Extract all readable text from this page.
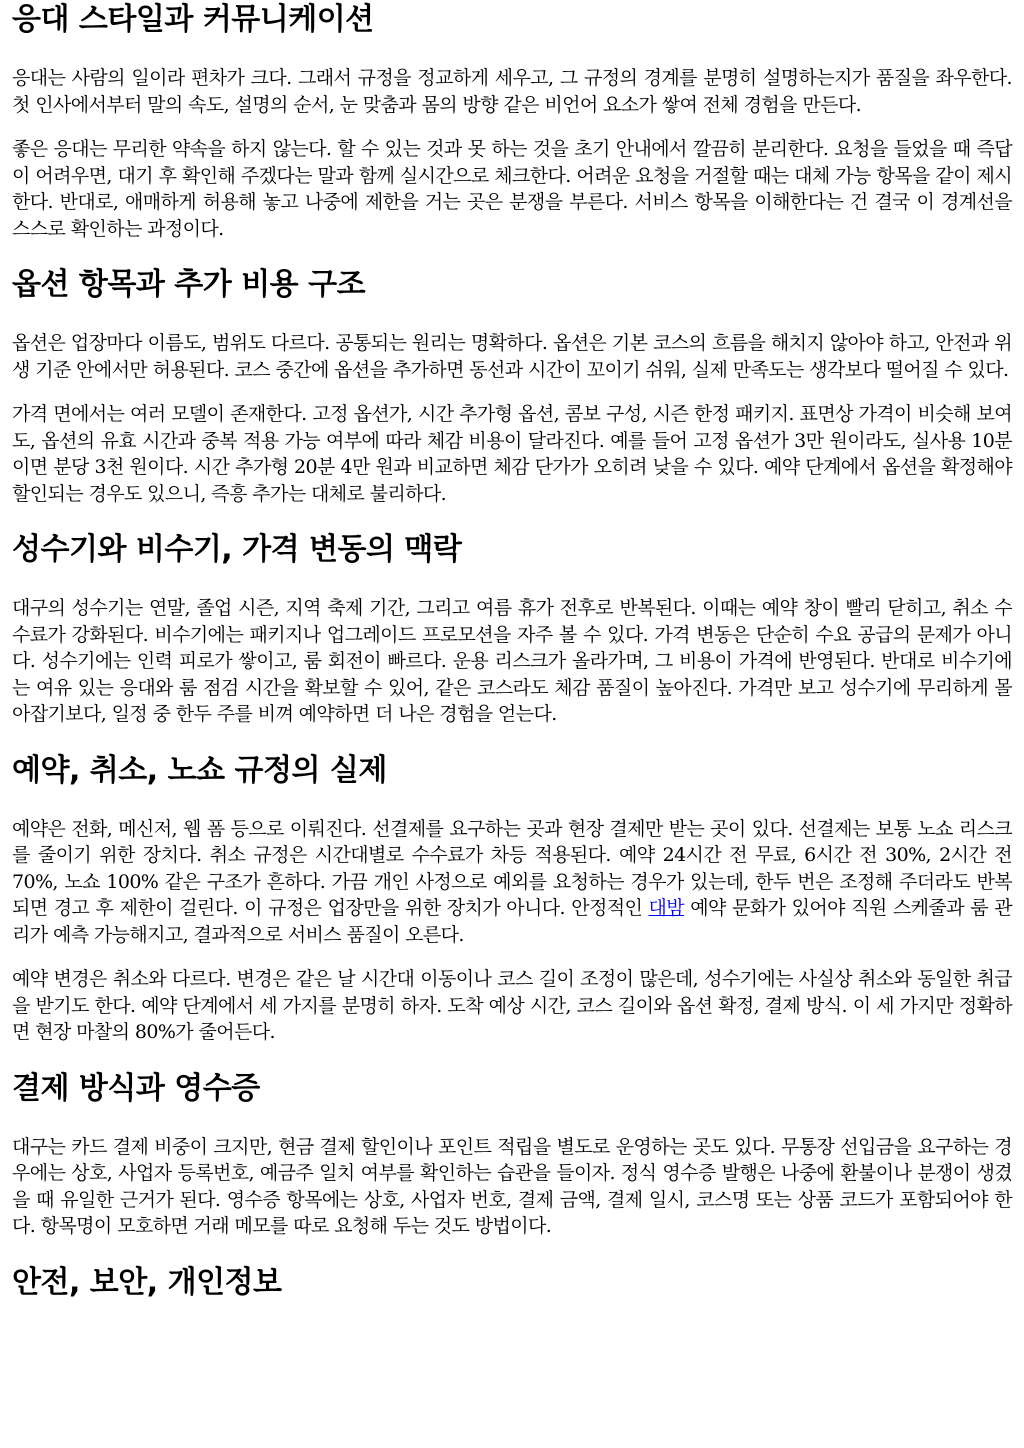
응대 스타일과 커뮤니케이션

응대는 사람의 일이라 편차가 크다. 그래서 규정을 정교하게 세우고, 그 규정의 경계를 분명히 설명하는지가 품질을 좌우한다. 첫 인사에서부터 말의 속도, 설명의 순서, 눈 맞춤과 몸의 방향 같은 비언어 요소가 쌓여 전체 경험을 만든다.

좋은 응대는 무리한 약속을 하지 않는다. 할 수 있는 것과 못 하는 것을 초기 안내에서 깔끔히 분리한다. 요청을 들었을 때 즉답이 어려우면, 대기 후 확인해 주겠다는 말과 함께 실시간으로 체크한다. 어려운 요청을 거절할 때는 대체 가능 항목을 같이 제시한다. 반대로, 애매하게 허용해 놓고 나중에 제한을 거는 곳은 분쟁을 부른다. 서비스 항목을 이해한다는 건 결국 이 경계선을 스스로 확인하는 과정이다.

옵션 항목과 추가 비용 구조

옵션은 업장마다 이름도, 범위도 다르다. 공통되는 원리는 명확하다. 옵션은 기본 코스의 흐름을 해치지 않아야 하고, 안전과 위생 기준 안에서만 허용된다. 코스 중간에 옵션을 추가하면 동선과 시간이 꼬이기 쉬워, 실제 만족도는 생각보다 떨어질 수 있다.

가격 면에서는 여러 모델이 존재한다. 고정 옵션가, 시간 추가형 옵션, 콤보 구성, 시즌 한정 패키지. 표면상 가격이 비슷해 보여도, 옵션의 유효 시간과 중복 적용 가능 여부에 따라 체감 비용이 달라진다. 예를 들어 고정 옵션가 3만 원이라도, 실사용 10분이면 분당 3천 원이다. 시간 추가형 20분 4만 원과 비교하면 체감 단가가 오히려 낮을 수 있다. 예약 단계에서 옵션을 확정해야 할인되는 경우도 있으니, 즉흥 추가는 대체로 불리하다.

성수기와 비수기, 가격 변동의 맥락

대구의 성수기는 연말, 졸업 시즌, 지역 축제 기간, 그리고 여름 휴가 전후로 반복된다. 이때는 예약 창이 빨리 닫히고, 취소 수수료가 강화된다. 비수기에는 패키지나 업그레이드 프로모션을 자주 볼 수 있다. 가격 변동은 단순히 수요 공급의 문제가 아니다. 성수기에는 인력 피로가 쌓이고, 룸 회전이 빠르다. 운용 리스크가 올라가며, 그 비용이 가격에 반영된다. 반대로 비수기에는 여유 있는 응대와 룸 점검 시간을 확보할 수 있어, 같은 코스라도 체감 품질이 높아진다. 가격만 보고 성수기에 무리하게 몰아잡기보다, 일정 중 한두 주를 비껴 예약하면 더 나은 경험을 얻는다.

예약, 취소, 노쇼 규정의 실제

예약은 전화, 메신저, 웹 폼 등으로 이뤄진다. 선결제를 요구하는 곳과 현장 결제만 받는 곳이 있다. 선결제는 보통 노쇼 리스크를 줄이기 위한 장치다. 취소 규정은 시간대별로 수수료가 차등 적용된다. 예약 24시간 전 무료, 6시간 전 30%, 2시간 전 70%, 노쇼 100% 같은 구조가 흔하다. 가끔 개인 사정으로 예외를 요청하는 경우가 있는데, 한두 번은 조정해 주더라도 반복되면 경고 후 제한이 걸린다. 이 규정은 업장만을 위한 장치가 아니다. 안정적인 대밤 예약 문화가 있어야 직원 스케줄과 룸 관리가 예측 가능해지고, 결과적으로 서비스 품질이 오른다.

예약 변경은 취소와 다르다. 변경은 같은 날 시간대 이동이나 코스 길이 조정이 많은데, 성수기에는 사실상 취소와 동일한 취급을 받기도 한다. 예약 단계에서 세 가지를 분명히 하자. 도착 예상 시간, 코스 길이와 옵션 확정, 결제 방식. 이 세 가지만 정확하면 현장 마찰의 80%가 줄어든다.

결제 방식과 영수증

대구는 카드 결제 비중이 크지만, 현금 결제 할인이나 포인트 적립을 별도로 운영하는 곳도 있다. 무통장 선입금을 요구하는 경우에는 상호, 사업자 등록번호, 예금주 일치 여부를 확인하는 습관을 들이자. 정식 영수증 발행은 나중에 환불이나 분쟁이 생겼을 때 유일한 근거가 된다. 영수증 항목에는 상호, 사업자 번호, 결제 금액, 결제 일시, 코스명 또는 상품 코드가 포함되어야 한다. 항목명이 모호하면 거래 메모를 따로 요청해 두는 것도 방법이다.

안전, 보안, 개인정보
